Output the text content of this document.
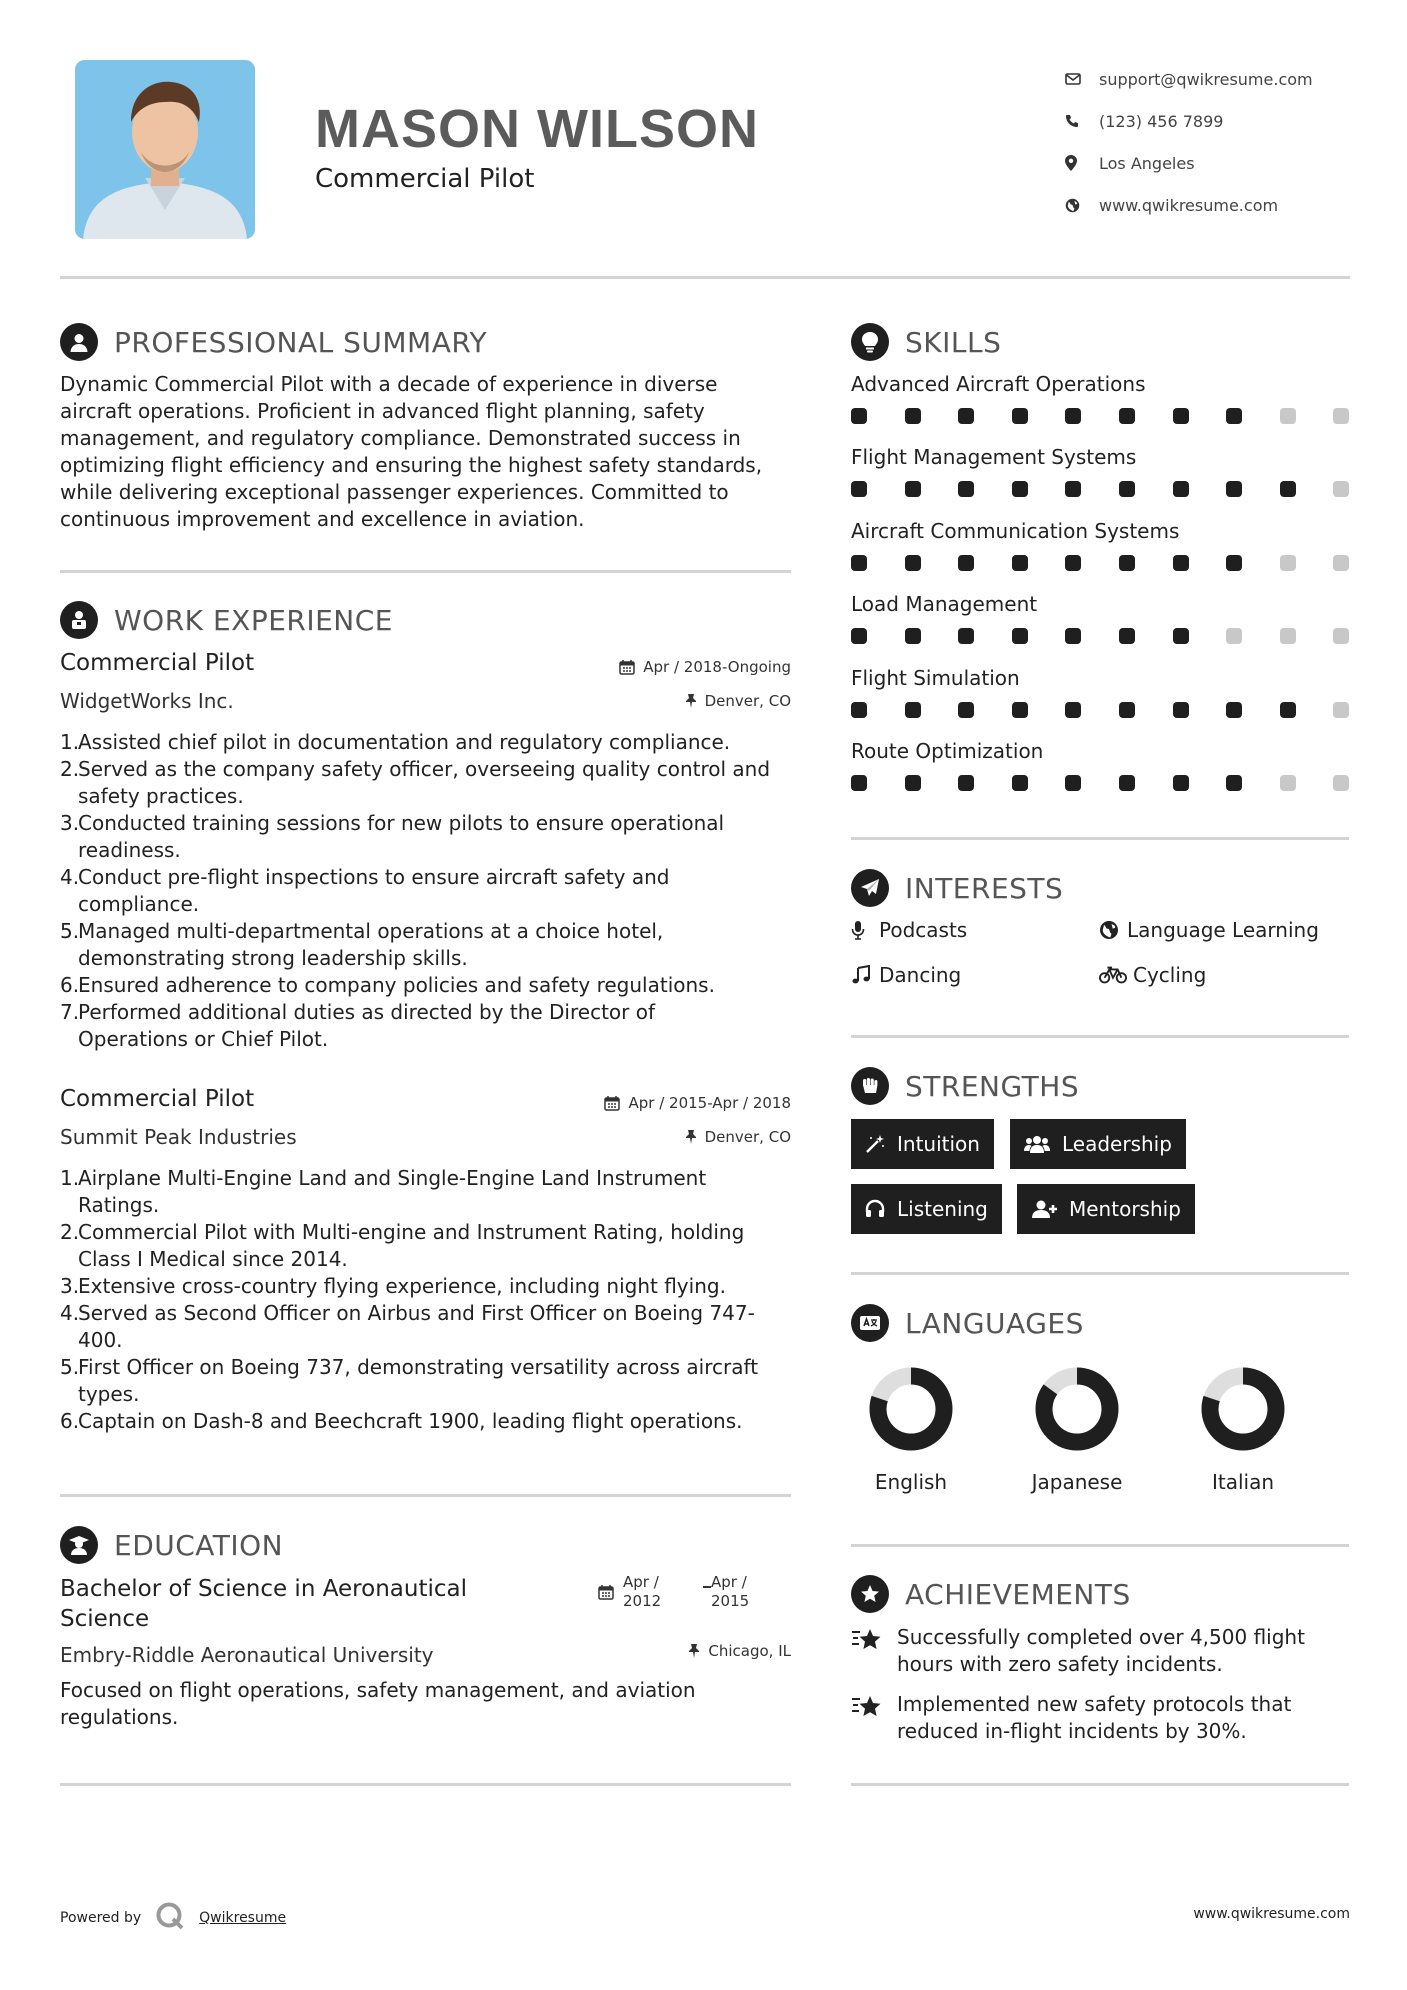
MASON WILSON
Commercial Pilot
support@qwikresume.com
(123) 456 7899
Los Angeles
www.qwikresume.com
PROFESSIONAL SUMMARY
Dynamic Commercial Pilot with a decade of experience in diverse
aircraft operations. Proficient in advanced flight planning, safety
management, and regulatory compliance. Demonstrated success in
optimizing flight efficiency and ensuring the highest safety standards,
while delivering exceptional passenger experiences. Committed to
continuous improvement and excellence in aviation.
WORK EXPERIENCE
Commercial Pilot	Apr / 2018-Ongoing
WidgetWorks Inc.	Denver, CO
1.
Assisted chief pilot in documentation and regulatory compliance.
2.
Served as the company safety officer, overseeing quality control and
safety practices.
3.
Conducted training sessions for new pilots to ensure operational
readiness.
4.
Conduct pre-flight inspections to ensure aircraft safety and
compliance.
5.
Managed multi-departmental operations at a choice hotel,
demonstrating strong leadership skills.
6.
Ensured adherence to company policies and safety regulations.
7.
Performed additional duties as directed by the Director of
Operations or Chief Pilot.
Commercial Pilot	Apr / 2015-Apr / 2018
Summit Peak Industries	Denver, CO
1.
Airplane Multi-Engine Land and Single-Engine Land Instrument
Ratings.
2.
Commercial Pilot with Multi-engine and Instrument Rating, holding
Class I Medical since 2014.
3.
Extensive cross-country flying experience, including night flying.
4.
Served as Second Officer on Airbus and First Officer on Boeing 747-
400.
5.
First Officer on Boeing 737, demonstrating versatility across aircraft
types.
6.
Captain on Dash-8 and Beechcraft 1900, leading flight operations.
EDUCATION
Bachelor of Science in Aeronautical
Science
Apr /
2012
Apr /
2015
Embry-Riddle Aeronautical University	Chicago, IL
Focused on flight operations, safety management, and aviation
regulations.
SKILLS
Advanced Aircraft Operations
Flight Management Systems
Aircraft Communication Systems
Load Management
Flight Simulation
Route Optimization
INTERESTS
Podcasts	Language Learning
Dancing	Cycling
STRENGTHS
Intuition	Leadership
Listening	Mentorship
LANGUAGES
English	Japanese	Italian
ACHIEVEMENTS
Successfully completed over 4,500 flight
hours with zero safety incidents.
Implemented new safety protocols that
reduced in-flight incidents by 30%.
Powered by	Qwikresume	www.qwikresume.com
